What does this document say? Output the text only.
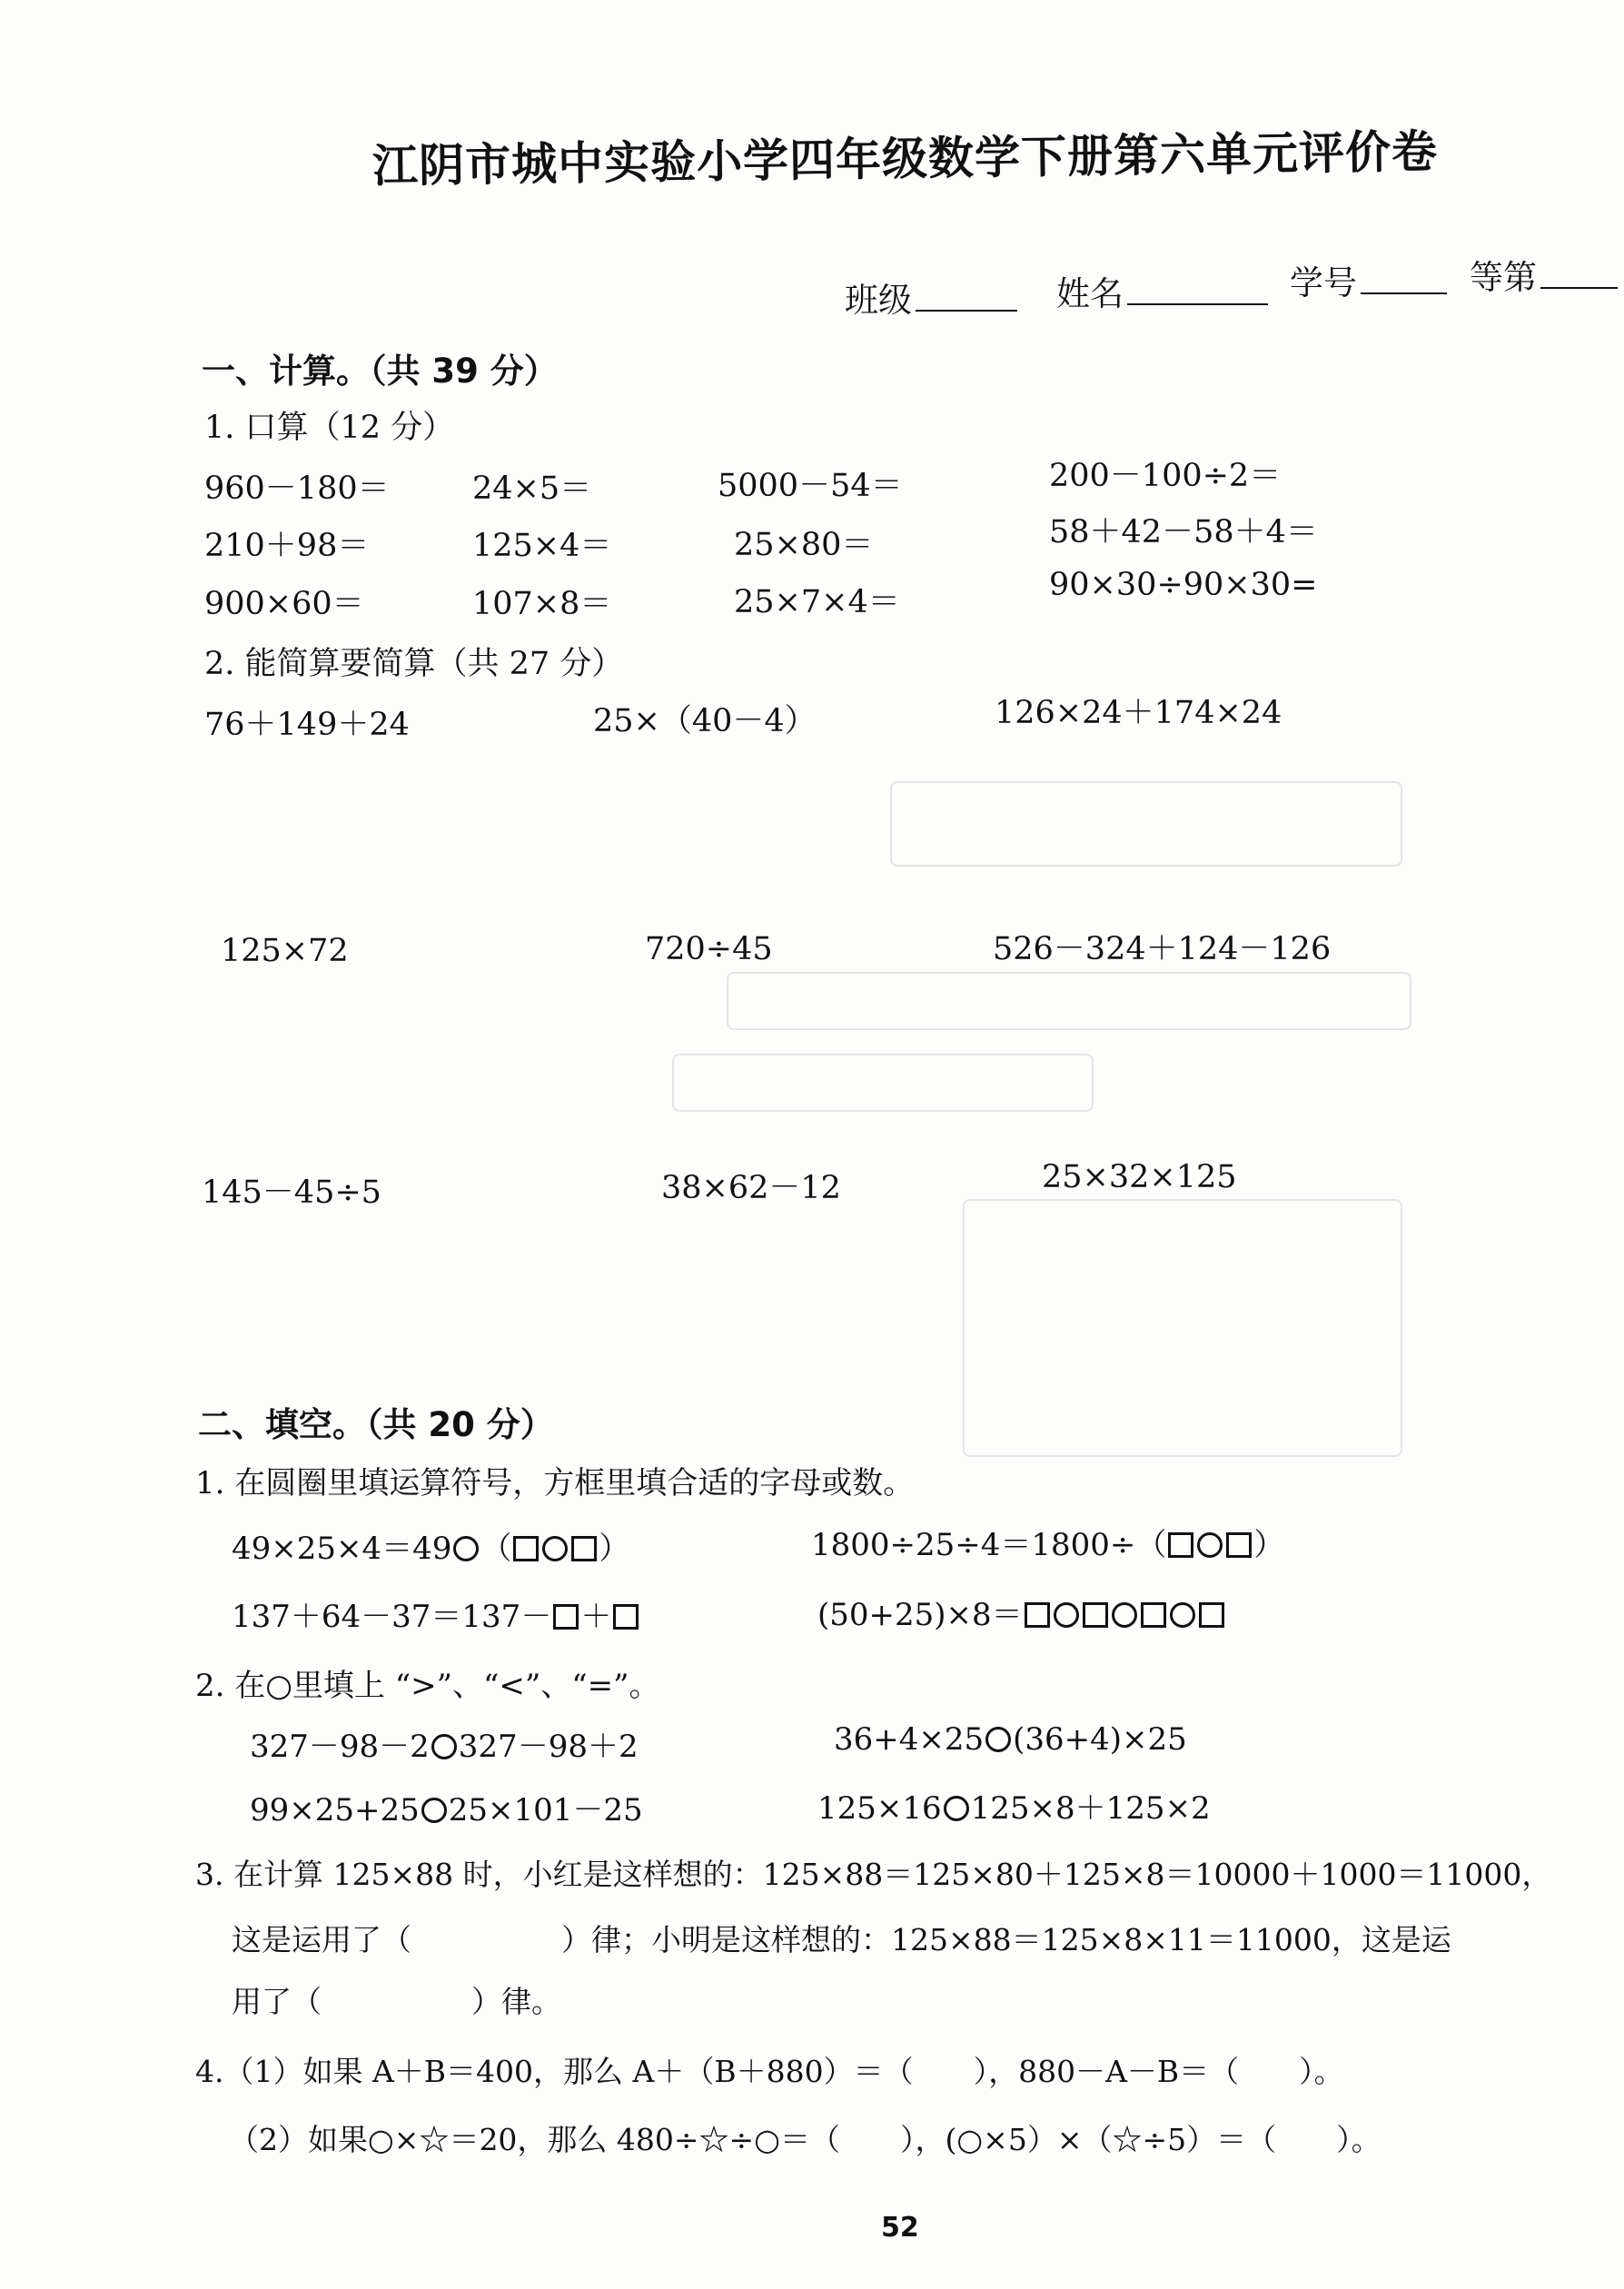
江阴市城中实验小学四年级数学下册第六单元评价卷
班级	姓名	学号	等第
一、计算。（共 39 分）
1. 口算（12 分）
960－180＝	24×5＝	5000－54＝	200－100÷2＝
210＋98＝	125×4＝	25×80＝	58＋42－58＋4＝
900×60＝	107×8＝	25×7×4＝	90×30÷90×30=
2. 能简算要简算（共 27 分）
76＋149＋24	25×（40－4）	126×24＋174×24
125×72	720÷45	526－324＋124－126
145－45÷5	38×62－12	25×32×125
二、填空。（共 20 分）
1. 在圆圈里填运算符号，方框里填合适的字母或数。
49×25×4＝49 （	）	1800÷25÷4＝1800÷（	）
137＋64－37＝137－ ＋	(50+25)×8＝
2. 在○里填上 “>”、“<”、“=”。
327－98－2 327－98＋2	36+4×25 (36+4)×25
99×25+25 25×101－25	125×16 125×8＋125×2
3. 在计算 125×88 时，小红是这样想的：125×88＝125×80＋125×8＝10000＋1000＝11000，
这是运用了（　　　　　）律；小明是这样想的：125×88＝125×8×11＝11000，这是运
用了（　　　　　）律。
4.（1）如果 A＋B＝400，那么 A＋（B＋880）＝（　　），880－A－B＝（　　）。
（2）如果○×☆＝20，那么 480÷☆÷○＝（　　），(○×5）×（☆÷5）＝（　　）。
52
